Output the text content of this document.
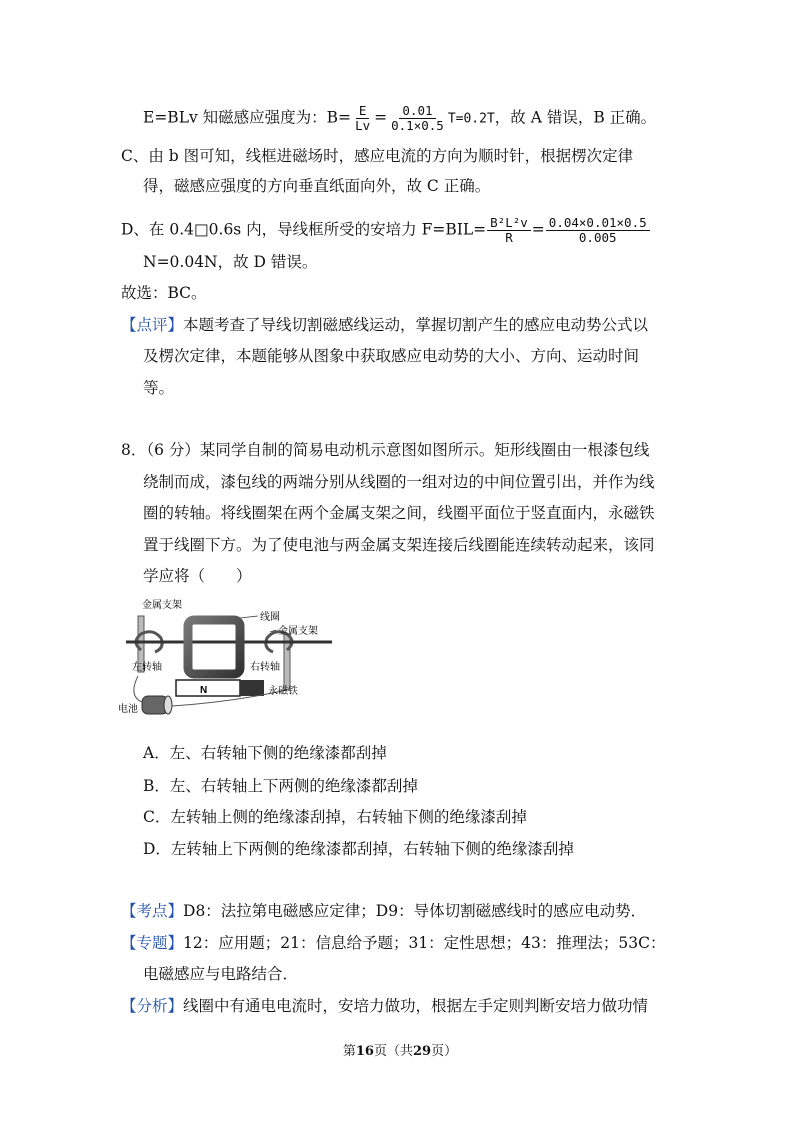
E=BLv 知磁感应强度为：$B= \frac{E}{Lv} = \frac{0.01}{0.1\times 0.5} T=0.2T$，故 A 错误，B 正确。
C、由 b 图可知，线框进磁场时，感应电流的方向为顺时针，根据楞次定律
得，磁感应强度的方向垂直纸面向外，故 C 正确。
D、在 0.4□0.6s 内，导线框所受的安培力 $F=BIL= \frac{\text{B²L²v}}{R} = \frac{0.04\times 0.01\times 0.5}{0.005}$
N=0.04N，故 D 错误。
故选：BC。
【点评】本题考查了导线切割磁感线运动，掌握切割产生的感应电动势公式以
及楞次定律，本题能够从图象中获取感应电动势的大小、方向、运动时间
等。
8．（6 分）某同学自制的简易电动机示意图如图所示。矩形线圈由一根漆包线
绕制而成，漆包线的两端分别从线圈的一组对边的中间位置引出，并作为线
圈的转轴。将线圈架在两个金属支架之间，线圈平面位于竖直面内，永磁铁
置于线圈下方。为了使电池与两金属支架连接后线圈能连续转动起来，该同
学应将（　　）
N
金属支架
线圈
金属支架
左转轴	右转轴
永磁铁
电池
A．左、右转轴下侧的绝缘漆都刮掉
B．左、右转轴上下两侧的绝缘漆都刮掉
C．左转轴上侧的绝缘漆刮掉，右转轴下侧的绝缘漆刮掉
D．左转轴上下两侧的绝缘漆都刮掉，右转轴下侧的绝缘漆刮掉
【考点】D8：法拉第电磁感应定律；D9：导体切割磁感线时的感应电动势．
【专题】12：应用题；21：信息给予题；31：定性思想；43：推理法；53C：
电磁感应与电路结合．
【分析】线圈中有通电电流时，安培力做功，根据左手定则判断安培力做功情
第16页（共29页）
